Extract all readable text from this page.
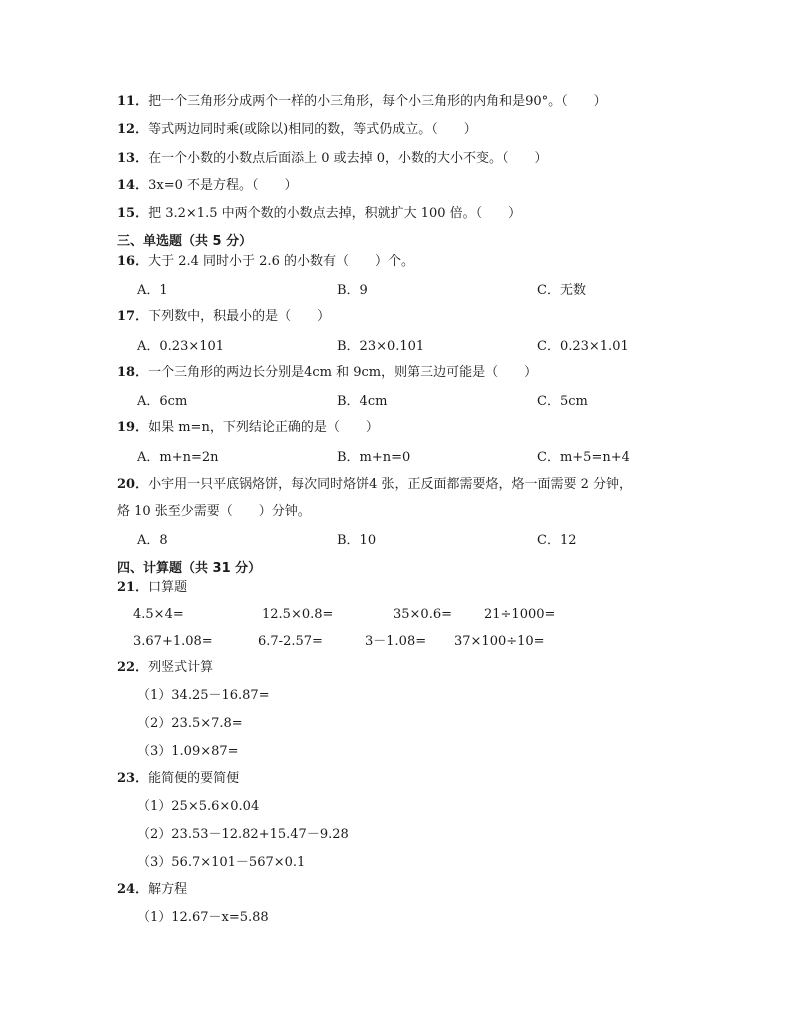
11．把一个三角形分成两个一样的小三角形，每个小三角形的内角和是90°。（　　）
12．等式两边同时乘(或除以)相同的数，等式仍成立。（　　）
13．在一个小数的小数点后面添上 0 或去掉 0，小数的大小不变。（　　）
14．3x=0 不是方程。（　　）
15．把 3.2×1.5 中两个数的小数点去掉，积就扩大 100 倍。（　　）
三、单选题（共 5 分）
16．大于 2.4 同时小于 2.6 的小数有（　　）个。
A．1	B．9	C．无数
17．下列数中，积最小的是（　　）
A．0.23×101	B．23×0.101	C．0.23×1.01
18．一个三角形的两边长分别是4cm 和 9cm，则第三边可能是（　　）
A．6cm	B．4cm	C．5cm
19．如果 m=n，下列结论正确的是（　　）
A．m+n=2n	B．m+n=0	C．m+5=n+4
20．小宇用一只平底锅烙饼，每次同时烙饼4 张，正反面都需要烙，烙一面需要 2 分钟，
烙 10 张至少需要（　　）分钟。
A．8	B．10	C．12
四、计算题（共 31 分）
21．口算题
4.5×4=	12.5×0.8=	35×0.6= 21÷1000=
3.67+1.08=	6.7-2.57=	3－1.08= 37×100÷10=
22．列竖式计算
（1）34.25－16.87=
（2）23.5×7.8=
（3）1.09×87=
23．能简便的要简便
（1）25×5.6×0.04
（2）23.53－12.82+15.47－9.28
（3）56.7×101－567×0.1
24．解方程
（1）12.67－x=5.88
